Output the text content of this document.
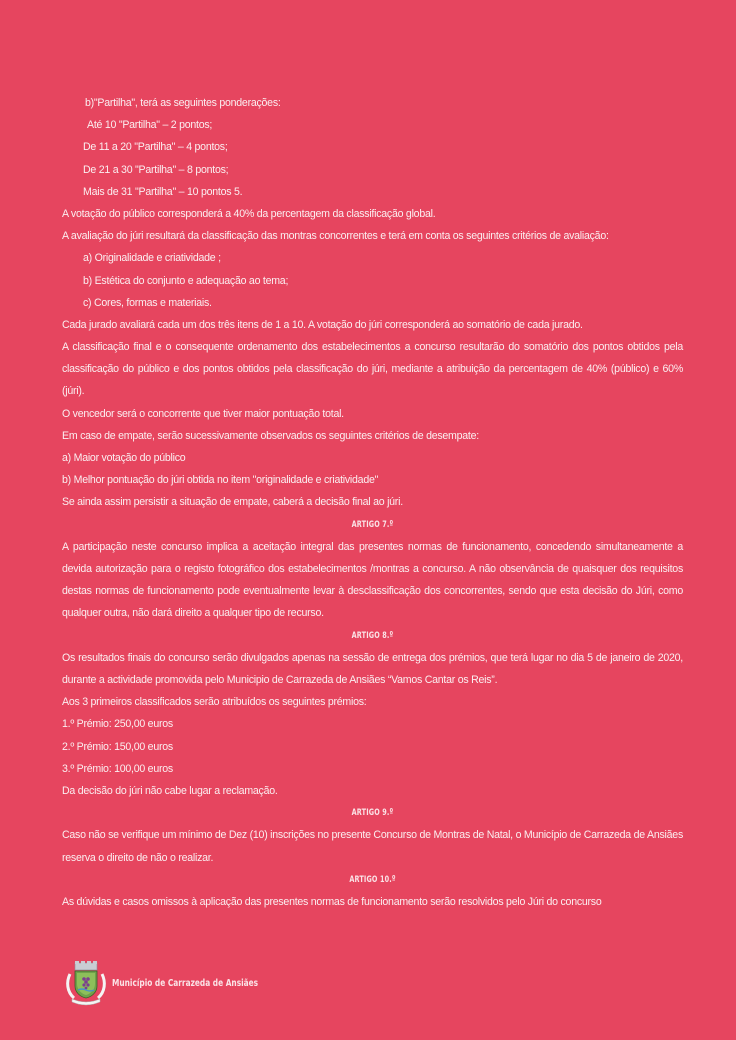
b)"Partilha", terá as seguintes ponderações:
Até 10 "Partilha" – 2 pontos;
De 11 a 20 "Partilha" – 4 pontos;
De 21 a 30 "Partilha" – 8 pontos;
Mais de 31 "Partilha" – 10 pontos 5.
A votação do público corresponderá a 40% da percentagem da classificação global.
A avaliação do júri resultará da classificação das montras concorrentes e terá em conta os seguintes critérios de avaliação:
a) Originalidade e criatividade ;
b) Estética do conjunto e adequação ao tema;
c) Cores, formas e materiais.
Cada jurado avaliará cada um dos três itens de 1 a 10. A votação do júri corresponderá ao somatório de cada jurado.
A classificação final e o consequente ordenamento dos estabelecimentos a concurso resultarão do somatório dos pontos obtidos pela classificação do público e dos pontos obtidos pela classificação do júri, mediante a atribuição da percentagem de 40% (público) e 60% (júri).
O vencedor será o concorrente que tiver maior pontuação total.
Em caso de empate, serão sucessivamente observados os seguintes critérios de desempate:
a) Maior votação do público
b) Melhor pontuação do júri obtida no item "originalidade e criatividade"
Se ainda assim persistir a situação de empate, caberá a decisão final ao júri.
ARTIGO 7.º
A participação neste concurso implica a aceitação integral das presentes normas de funcionamento, concedendo simultaneamente a devida autorização para o registo fotográfico dos estabelecimentos /montras a concurso. A não observância de quaisquer dos requisitos destas normas de funcionamento pode eventualmente levar à desclassificação dos concorrentes, sendo que esta decisão do Júri, como qualquer outra, não dará direito a qualquer tipo de recurso.
ARTIGO 8.º
Os resultados finais do concurso serão divulgados apenas na sessão de entrega dos prémios, que terá lugar no dia 5 de janeiro de 2020, durante a actividade promovida pelo Municipio de Carrazeda de Ansiães “Vamos Cantar os Reis”.
Aos 3 primeiros classificados serão atribuídos os seguintes prémios:
1.º Prémio: 250,00 euros
2.º Prémio: 150,00 euros
3.º Prémio: 100,00 euros
Da decisão do júri não cabe lugar a reclamação.
ARTIGO 9.º
Caso não se verifique um mínimo de Dez (10) inscrições no presente Concurso de Montras de Natal, o Município de Carrazeda de Ansiães reserva o direito de não o realizar.
ARTIGO 10.º
As dúvidas e casos omissos à aplicação das presentes normas de funcionamento serão resolvidos pelo Júri do concurso
Município de Carrazeda de Ansiães
